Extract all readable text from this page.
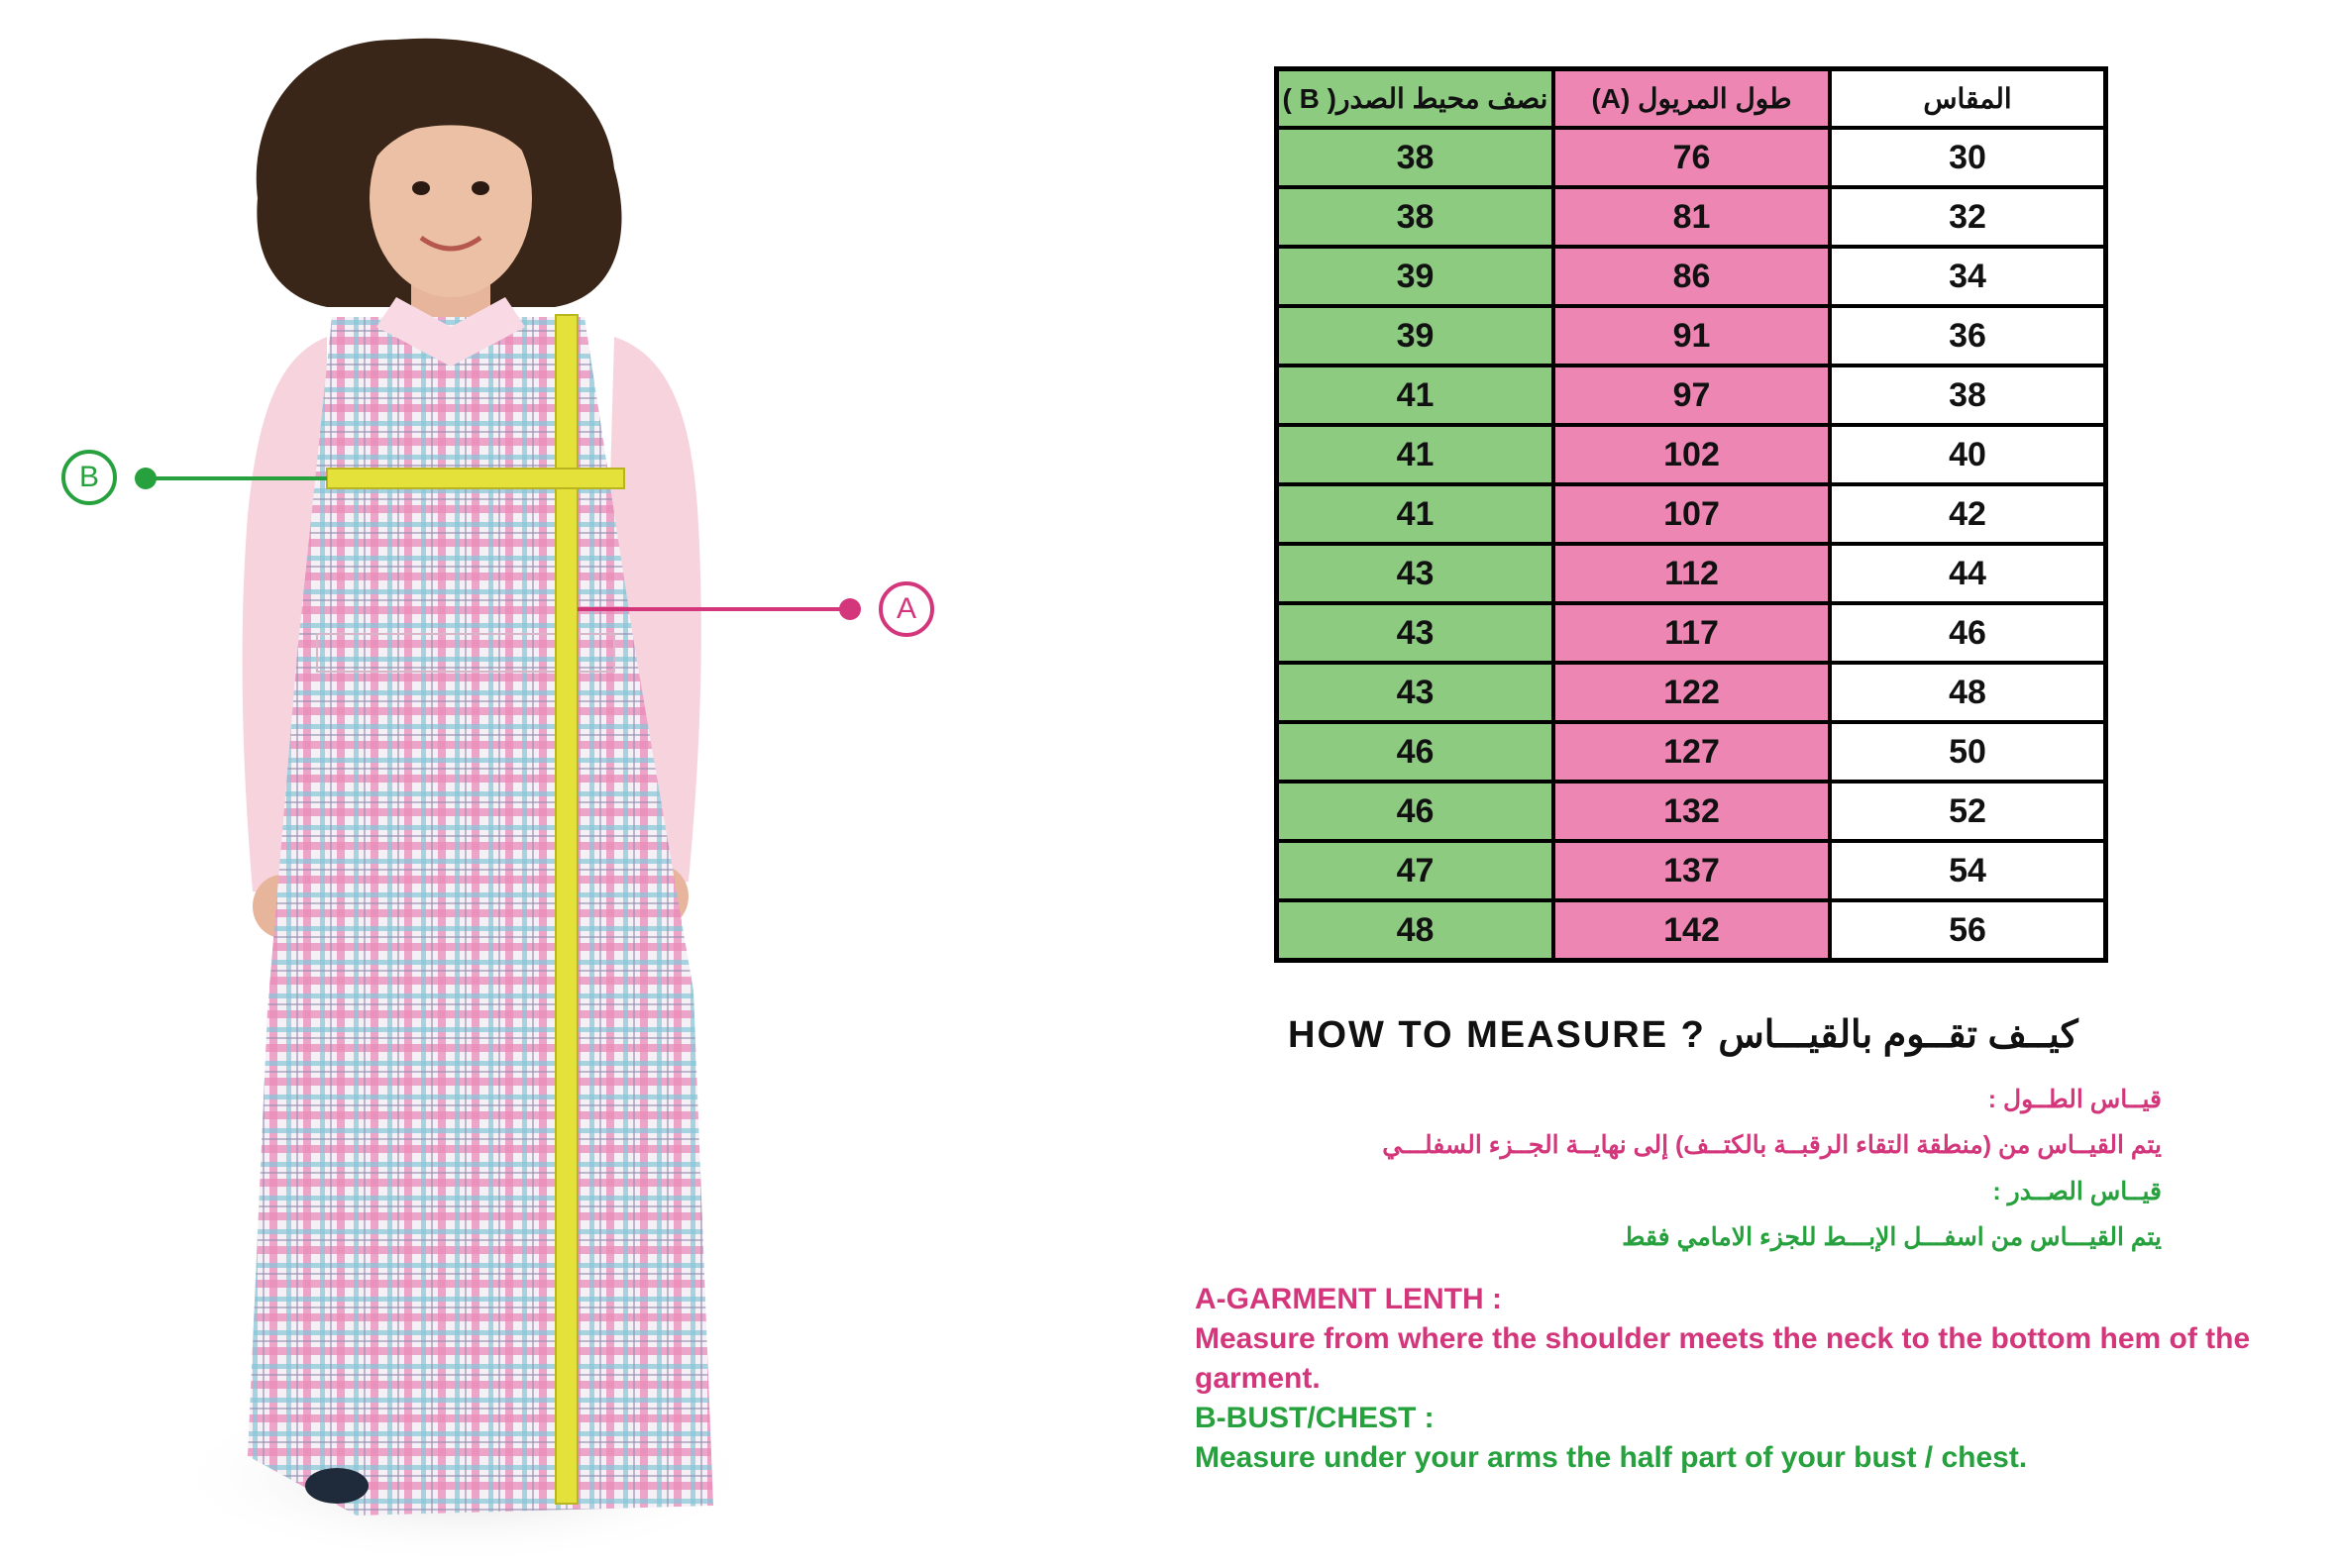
B
A
نصف محيط الصدر( B )	طول المريول (A)	المقاس
38	76	30
38	81	32
39	86	34
39	91	36
41	97	38
41	102	40
41	107	42
43	112	44
43	117	46
43	122	48
46	127	50
46	132	52
47	137	54
48	142	56
HOW TO MEASURE ? كيــف تقــوم بالقيـــاس
قيــاس الطــول :
يتم القيــاس من (منطقة التقاء الرقبــة بالكتــف) إلى نهايــة الجــزء السفلـــي
قيــاس الصــدر :
يتم القيـــاس من اسفـــل الإبـــط للجزء الامامي فقط
A-GARMENT LENTH :
Measure from where the shoulder meets the neck to the bottom hem of the garment.
B-BUST/CHEST :
Measure under your arms the half part of your bust / chest.
